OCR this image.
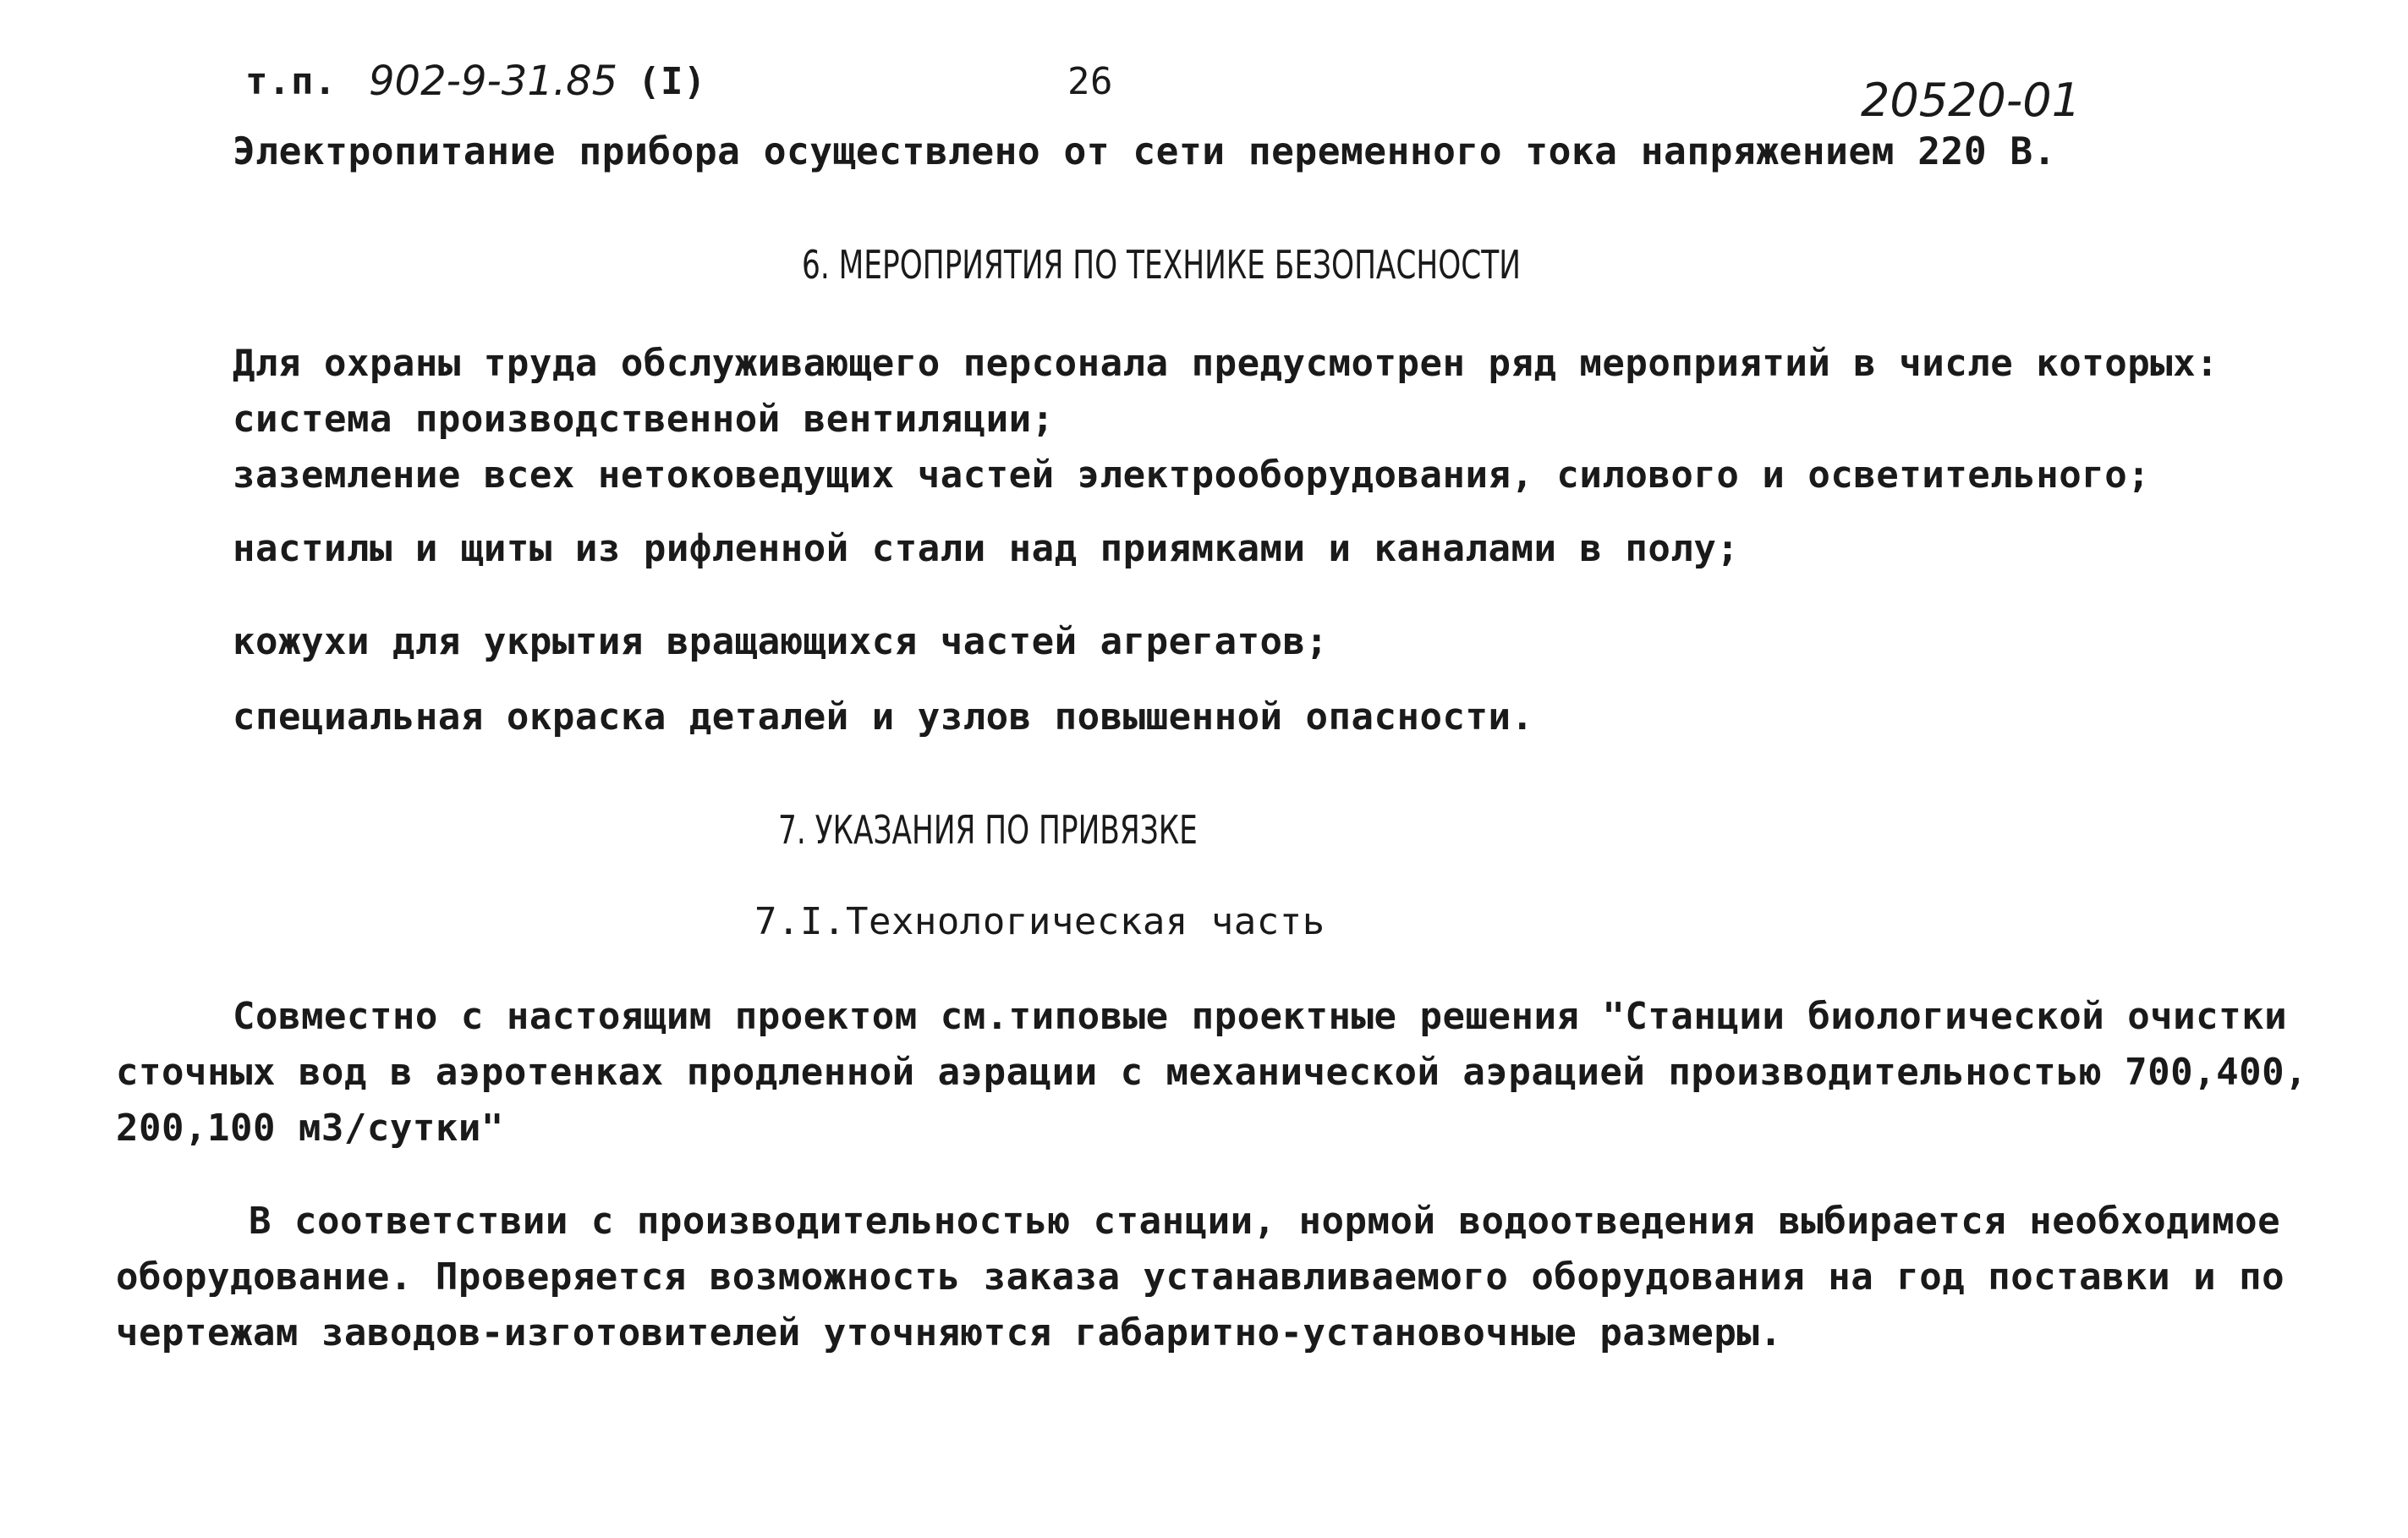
т.п. 902-9-31.85 (I)	26	20520-01
Электропитание прибора осуществлено от сети переменного тока напряжением 220 В.
6. МЕРОПРИЯТИЯ ПО ТЕХНИКЕ БЕЗОПАСНОСТИ
Для охраны труда обслуживающего персонала предусмотрен ряд мероприятий в числе которых:
система производственной вентиляции;
заземление всех нетоковедущих частей электрооборудования, силового и осветительного;
настилы и щиты из рифленной стали над приямками и каналами в полу;
кожухи для укрытия вращающихся частей агрегатов;
специальная окраска деталей и узлов повышенной опасности.
7. УКАЗАНИЯ ПО ПРИВЯЗКЕ
7.I.Технологическая часть
Совместно с настоящим проектом см.типовые проектные решения "Станции биологической очистки
сточных вод в аэротенках продленной аэрации с механической аэрацией производительностью 700,400,
200,100 м3/сутки"
В соответствии с производительностью станции, нормой водоотведения выбирается необходимое
оборудование. Проверяется возможность заказа устанавливаемого оборудования на год поставки и по
чертежам заводов-изготовителей уточняются габаритно-установочные размеры.
